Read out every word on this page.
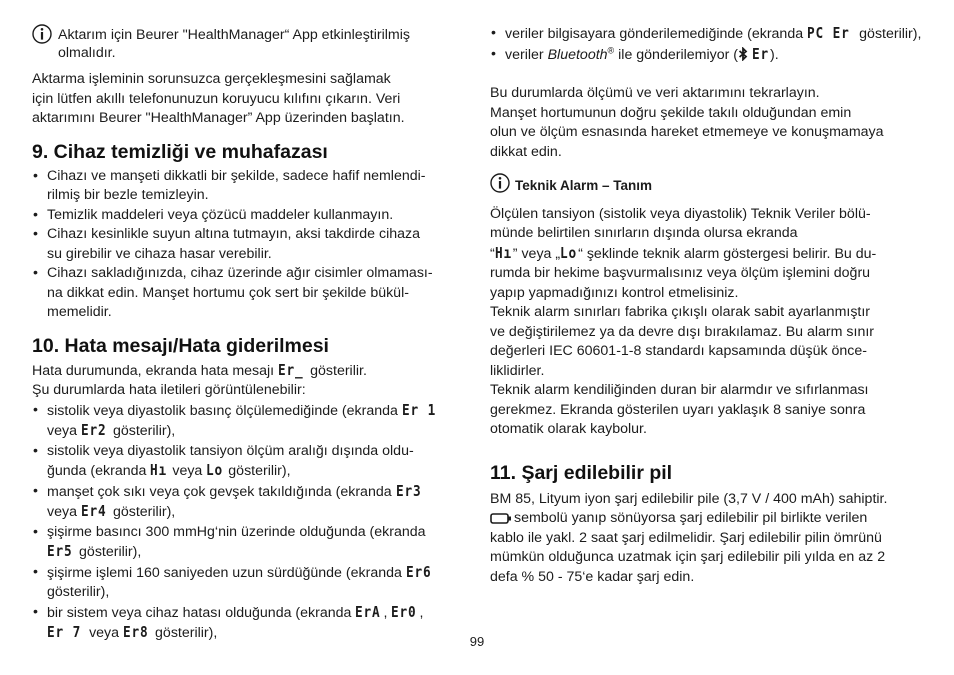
Aktarım için Beurer "HealthManager“ App etkinleştirilmiş

olmalıdır.

Aktarma işleminin sorunsuzca gerçekleşmesini sağlamak

için lütfen akıllı telefonunuzun koruyucu kılıfını çıkarın. Veri

aktarımını Beurer "HealthManager” App üzerinden başlatın.

9. Cihaz temizliği ve muhafazası

• Cihazı ve manşeti dikkatli bir şekilde, sadece hafif nemlendi-

rilmiş bir bezle temizleyin.

• Temizlik maddeleri veya çözücü maddeler kullanmayın.

• Cihazı kesinlikle suyun altına tutmayın, aksi takdirde cihaza

su girebilir ve cihaza hasar verebilir.

• Cihazı sakladığınızda, cihaz üzerinde ağır cisimler olmaması-

na dikkat edin. Manşet hortumu çok sert bir şekilde bükül-

memelidir.

10. Hata mesajı/Hata giderilmesi

Hata durumunda, ekranda hata mesajı Er_ gösterilir.

Şu durumlarda hata iletileri görüntülenebilir:

• sistolik veya diyastolik basınç ölçülemediğinde (ekranda Er 1

veya Er2 gösterilir),

• sistolik veya diyastolik tansiyon ölçüm aralığı dışında oldu-

ğunda (ekranda Hı veya Lo gösterilir),

• manşet çok sıkı veya çok gevşek takıldığında (ekranda Er3

veya Er4 gösterilir),

• şişirme basıncı 300 mmHg‘nin üzerinde olduğunda (ekranda

Er5 gösterilir),

• şişirme işlemi 160 saniyeden uzun sürdüğünde (ekranda Er6

gösterilir),

• bir sistem veya cihaz hatası olduğunda (ekranda ErA , Er0 ,

Er 7 veya Er8 gösterilir),

• veriler bilgisayara gönderilemediğinde (ekranda PC Er gösterilir),

• veriler Bluetooth® ile gönderilemiyor ( Er).

Bu durumlarda ölçümü ve veri aktarımını tekrarlayın.

Manşet hortumunun doğru şekilde takılı olduğundan emin

olun ve ölçüm esnasında hareket etmemeye ve konuşmamaya

dikkat edin.

Teknik Alarm – Tanım

Ölçülen tansiyon (sistolik veya diyastolik) Teknik Veriler bölü-

münde belirtilen sınırların dışında olursa ekranda

“Hı” veya „Lo“ şeklinde teknik alarm göstergesi belirir. Bu du-

rumda bir hekime başvurmalısınız veya ölçüm işlemini doğru

yapıp yapmadığınızı kontrol etmelisiniz.

Teknik alarm sınırları fabrika çıkışlı olarak sabit ayarlanmıştır

ve değiştirilemez ya da devre dışı bırakılamaz. Bu alarm sınır

değerleri IEC 60601-1-8 standardı kapsamında düşük önce-

liklidirler.

Teknik alarm kendiliğinden duran bir alarmdır ve sıfırlanması

gerekmez. Ekranda gösterilen uyarı yaklaşık 8 saniye sonra

otomatik olarak kaybolur.

11. Şarj edilebilir pil

BM 85, Lityum iyon şarj edilebilir pile (3,7 V / 400 mAh) sahiptir.

sembolü yanıp sönüyorsa şarj edilebilir pil birlikte verilen

kablo ile yakl. 2 saat şarj edilmelidir. Şarj edilebilir pilin ömrünü

mümkün olduğunca uzatmak için şarj edilebilir pili yılda en az 2

defa % 50 - 75‘e kadar şarj edin.

99
